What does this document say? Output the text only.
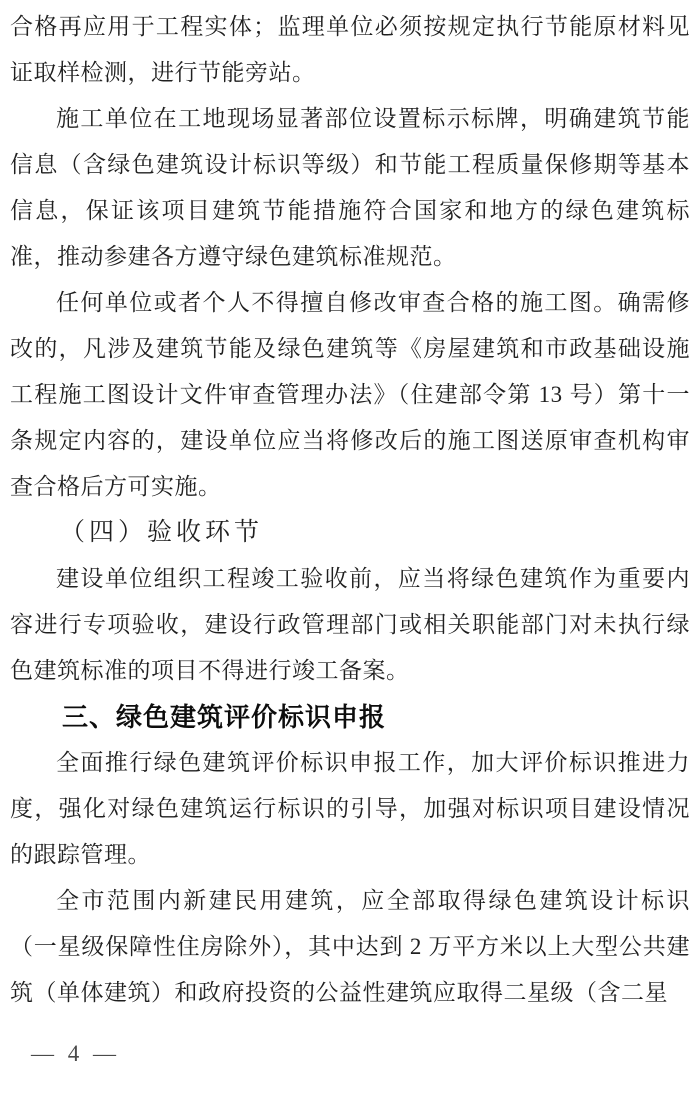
合格再应用于工程实体；监理单位必须按规定执行节能原材料见
证取样检测，进行节能旁站。
施工单位在工地现场显著部位设置标示标牌，明确建筑节能
信息（含绿色建筑设计标识等级）和节能工程质量保修期等基本
信息，保证该项目建筑节能措施符合国家和地方的绿色建筑标
准，推动参建各方遵守绿色建筑标准规范。
任何单位或者个人不得擅自修改审查合格的施工图。确需修
改的，凡涉及建筑节能及绿色建筑等《房屋建筑和市政基础设施
工程施工图设计文件审查管理办法》（住建部令第 13 号）第十一
条规定内容的，建设单位应当将修改后的施工图送原审查机构审
查合格后方可实施。
（四）验收环节
建设单位组织工程竣工验收前，应当将绿色建筑作为重要内
容进行专项验收，建设行政管理部门或相关职能部门对未执行绿
色建筑标准的项目不得进行竣工备案。
三、绿色建筑评价标识申报
全面推行绿色建筑评价标识申报工作，加大评价标识推进力
度，强化对绿色建筑运行标识的引导，加强对标识项目建设情况
的跟踪管理。
全市范围内新建民用建筑，应全部取得绿色建筑设计标识
（一星级保障性住房除外），其中达到 2 万平方米以上大型公共建
筑（单体建筑）和政府投资的公益性建筑应取得二星级（含二星
— 4 —
